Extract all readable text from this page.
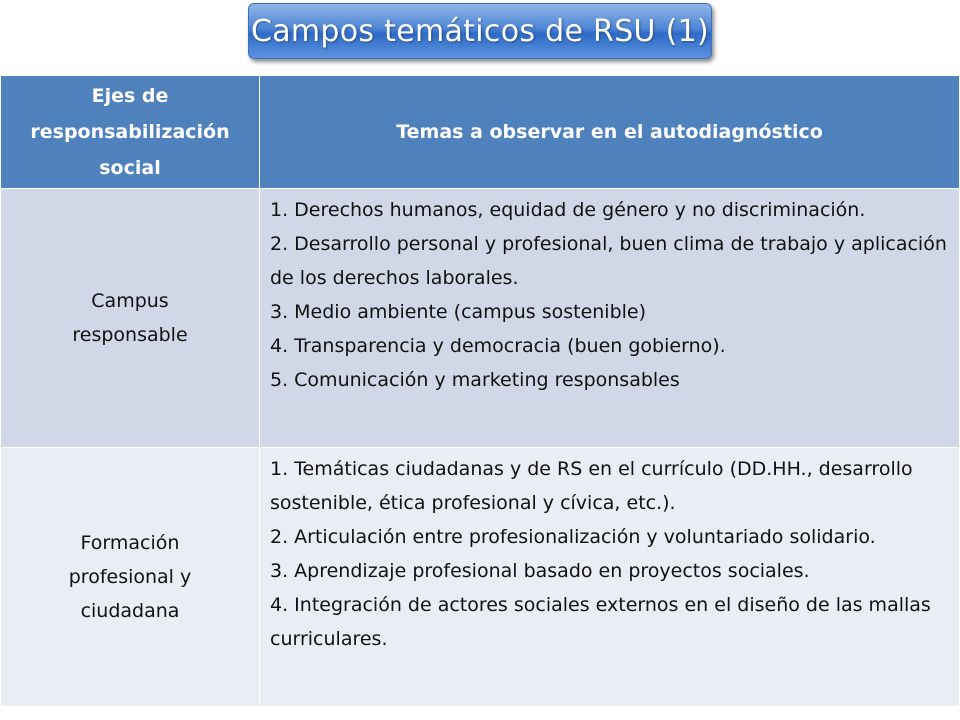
Campos temáticos de RSU (1)
Ejes de responsabilización social	Temas a observar en el autodiagnóstico
Campus responsable	1. Derechos humanos, equidad de género y no discriminación.
2. Desarrollo personal y profesional, buen clima de trabajo y aplicación de los derechos laborales.
3. Medio ambiente (campus sostenible)
4. Transparencia y democracia (buen gobierno).
5. Comunicación y marketing responsables

Formación profesional y ciudadana	1. Temáticas ciudadanas y de RS en el currículo (DD.HH., desarrollo sostenible, ética profesional y cívica, etc.).
2. Articulación entre profesionalización y voluntariado solidario.
3. Aprendizaje profesional basado en proyectos sociales.
4. Integración de actores sociales externos en el diseño de las mallas curriculares.
